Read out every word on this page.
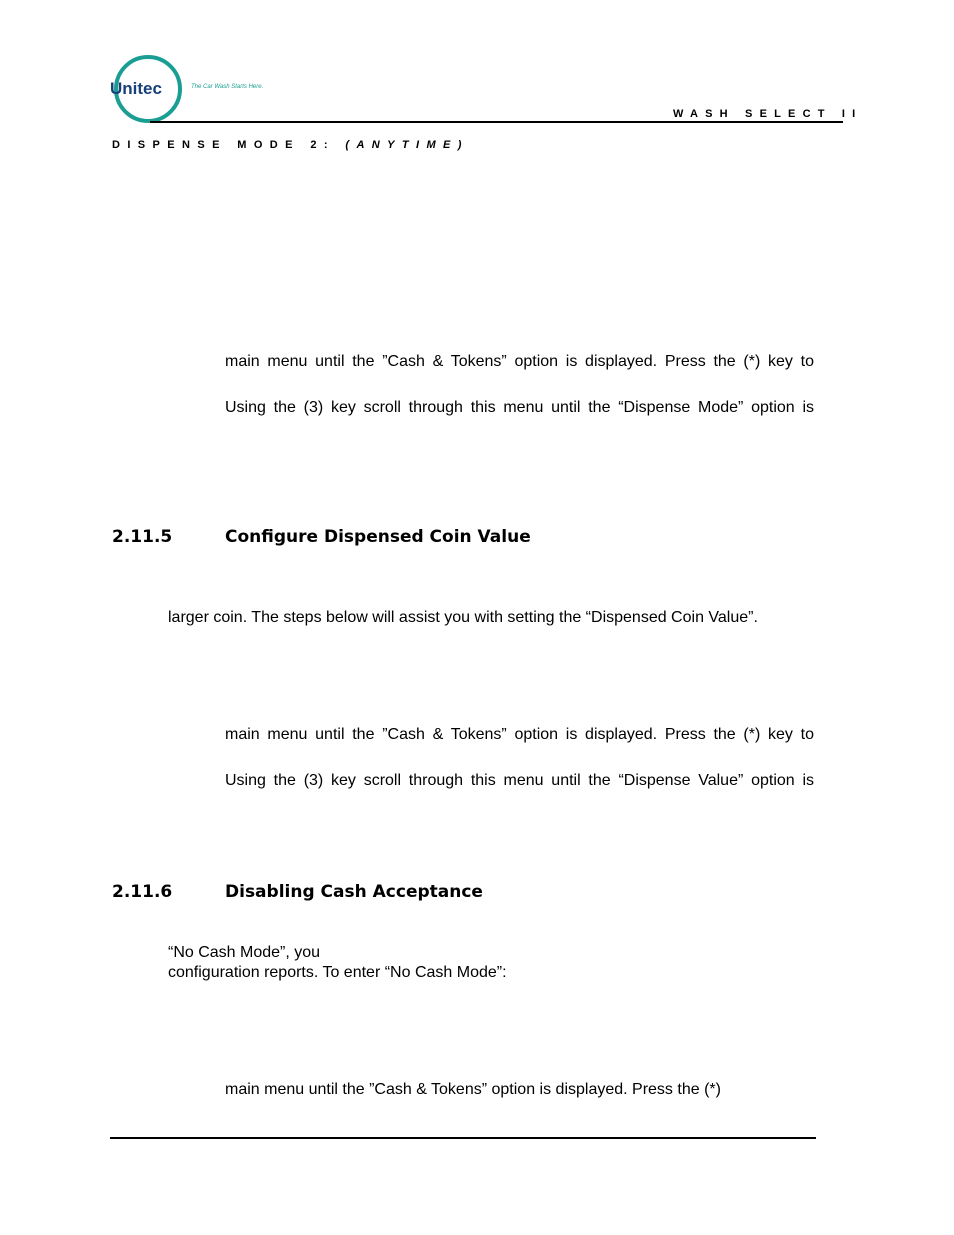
Unitec	The Car Wash Starts Here.
WASH SELECT II
DISPENSE MODE 2: (ANYTIME)
main menu until the ”Cash & Tokens” option is displayed. Press the (*) key to
Using the (3) key scroll through this menu until the “Dispense Mode” option is
2.11.5	Configure Dispensed Coin Value
larger coin. The steps below will assist you with setting the “Dispensed Coin Value”.
main menu until the ”Cash & Tokens” option is displayed. Press the (*) key to
Using the (3) key scroll through this menu until the “Dispense Value” option is
2.11.6	Disabling Cash Acceptance
“No Cash Mode”, you
configuration reports. To enter “No Cash Mode”:
main menu until the ”Cash & Tokens” option is displayed. Press the (*)
